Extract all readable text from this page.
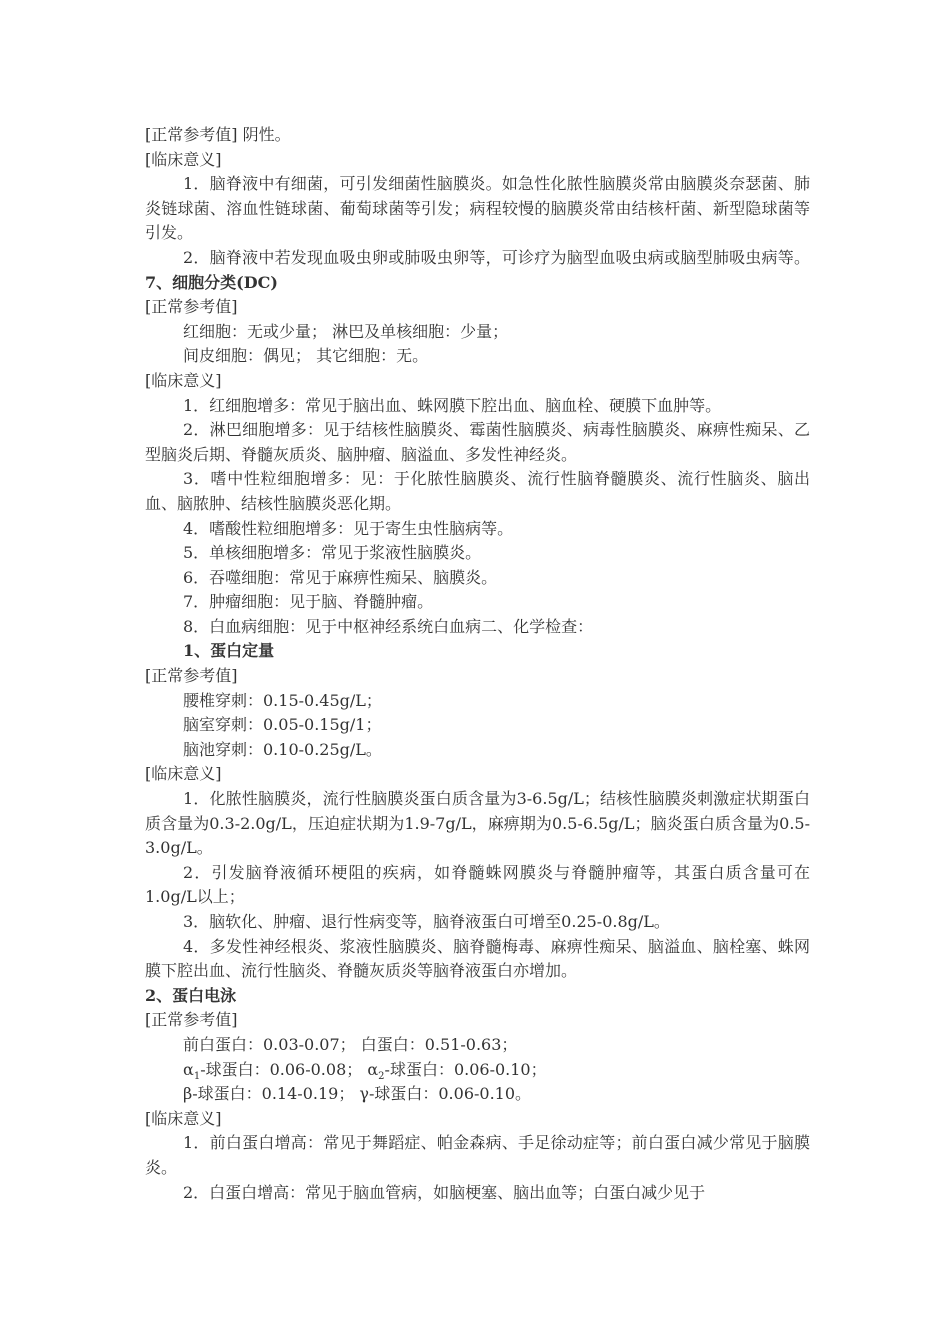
[正常参考值] 阴性。

[临床意义]

1．脑脊液中有细菌，可引发细菌性脑膜炎。如急性化脓性脑膜炎常由脑膜炎奈瑟菌、肺炎链球菌、溶血性链球菌、葡萄球菌等引发；病程较慢的脑膜炎常由结核杆菌、新型隐球菌等引发。

2．脑脊液中若发现血吸虫卵或肺吸虫卵等，可诊疗为脑型血吸虫病或脑型肺吸虫病等。 7、细胞分类(DC)

[正常参考值]

红细胞：无或少量； 淋巴及单核细胞：少量；

间皮细胞：偶见； 其它细胞：无。

[临床意义]

1．红细胞增多：常见于脑出血、蛛网膜下腔出血、脑血栓、硬膜下血肿等。

2．淋巴细胞增多：见于结核性脑膜炎、霉菌性脑膜炎、病毒性脑膜炎、麻痹性痴呆、乙型脑炎后期、脊髓灰质炎、脑肿瘤、脑溢血、多发性神经炎。

3．嗜中性粒细胞增多：见：于化脓性脑膜炎、流行性脑脊髓膜炎、流行性脑炎、脑出血、脑脓肿、结核性脑膜炎恶化期。

4．嗜酸性粒细胞增多：见于寄生虫性脑病等。

5．单核细胞增多：常见于浆液性脑膜炎。

6．吞噬细胞：常见于麻痹性痴呆、脑膜炎。

7．肿瘤细胞：见于脑、脊髓肿瘤。

8．白血病细胞：见于中枢神经系统白血病二、化学检查：

1、蛋白定量

[正常参考值]

腰椎穿刺：0.15-0.45g/L；

脑室穿刺：0.05-0.15g/1；

脑池穿刺：0.10-0.25g/L。

[临床意义]

1．化脓性脑膜炎，流行性脑膜炎蛋白质含量为3-6.5g/L；结核性脑膜炎刺激症状期蛋白质含量为0.3-2.0g/L，压迫症状期为1.9-7g/L，麻痹期为0.5-6.5g/L；脑炎蛋白质含量为0.5-3.0g/L。

2．引发脑脊液循环梗阻的疾病，如脊髓蛛网膜炎与脊髓肿瘤等，其蛋白质含量可在1.0g/L以上；

3．脑软化、肿瘤、退行性病变等，脑脊液蛋白可增至0.25-0.8g/L。

4．多发性神经根炎、浆液性脑膜炎、脑脊髓梅毒、麻痹性痴呆、脑溢血、脑栓塞、蛛网膜下腔出血、流行性脑炎、脊髓灰质炎等脑脊液蛋白亦增加。

2、蛋白电泳

[正常参考值]

前白蛋白：0.03-0.07； 白蛋白：0.51-0.63；

$\alpha_1-$球蛋白：0.06-0.08； $\alpha_2-$球蛋白：0.06-0.10；

β-球蛋白：0.14-0.19； γ-球蛋白：0.06-0.10。

[临床意义]

1．前白蛋白增高：常见于舞蹈症、帕金森病、手足徐动症等；前白蛋白减少常见于脑膜炎。

2．白蛋白增高：常见于脑血管病，如脑梗塞、脑出血等；白蛋白减少见于
